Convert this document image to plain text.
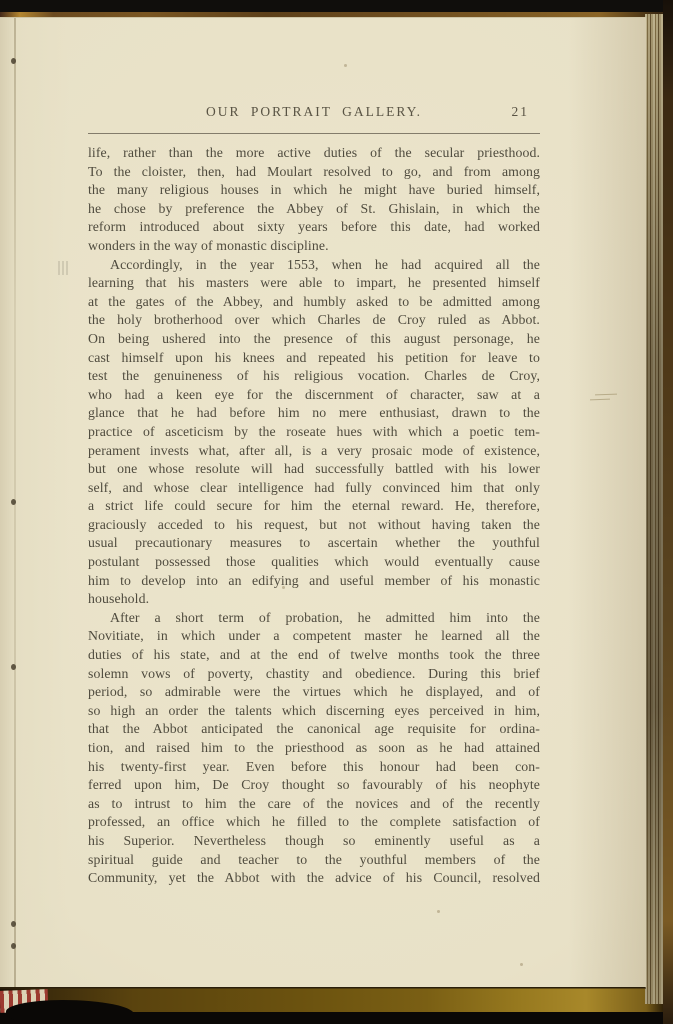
OUR PORTRAIT GALLERY.	21
life, rather than the more active duties of the secular priesthood.
To the cloister, then, had Moulart resolved to go, and from among
the many religious houses in which he might have buried himself,
he chose by preference the Abbey of St. Ghislain, in which the
reform introduced about sixty years before this date, had worked
wonders in the way of monastic discipline.
Accordingly, in the year 1553, when he had acquired all the
learning that his masters were able to impart, he presented himself
at the gates of the Abbey, and humbly asked to be admitted among
the holy brotherhood over which Charles de Croy ruled as Abbot.
On being ushered into the presence of this august personage, he
cast himself upon his knees and repeated his petition for leave to
test the genuineness of his religious vocation. Charles de Croy,
who had a keen eye for the discernment of character, saw at a
glance that he had before him no mere enthusiast, drawn to the
practice of asceticism by the roseate hues with which a poetic tem-
perament invests what, after all, is a very prosaic mode of existence,
but one whose resolute will had successfully battled with his lower
self, and whose clear intelligence had fully convinced him that only
a strict life could secure for him the eternal reward. He, therefore,
graciously acceded to his request, but not without having taken the
usual precautionary measures to ascertain whether the youthful
postulant possessed those qualities which would eventually cause
him to develop into an edifying and useful member of his monastic
household.
After a short term of probation, he admitted him into the
Novitiate, in which under a competent master he learned all the
duties of his state, and at the end of twelve months took the three
solemn vows of poverty, chastity and obedience. During this brief
period, so admirable were the virtues which he displayed, and of
so high an order the talents which discerning eyes perceived in him,
that the Abbot anticipated the canonical age requisite for ordina-
tion, and raised him to the priesthood as soon as he had attained
his twenty-first year. Even before this honour had been con-
ferred upon him, De Croy thought so favourably of his neophyte
as to intrust to him the care of the novices and of the recently
professed, an office which he filled to the complete satisfaction of
his Superior. Nevertheless though so eminently useful as a
spiritual guide and teacher to the youthful members of the
Community, yet the Abbot with the advice of his Council, resolved
